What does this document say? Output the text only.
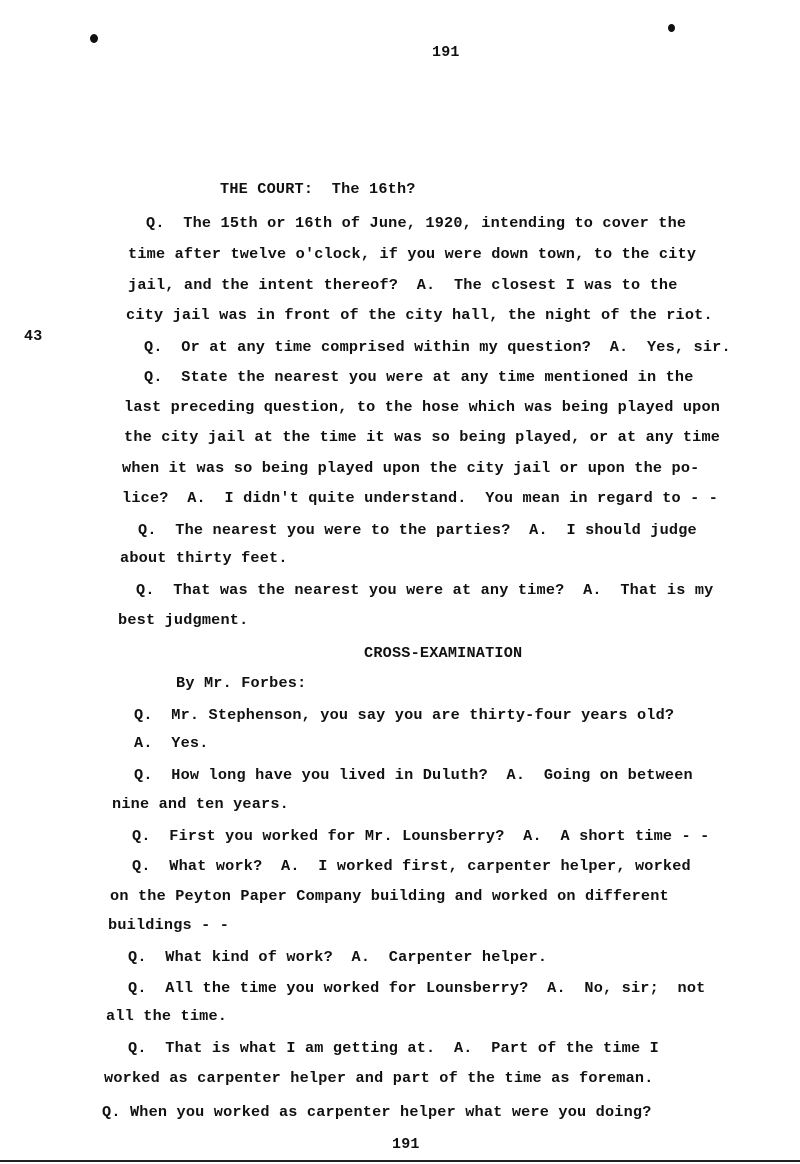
191
43
THE COURT:  The 16th?
Q.  The 15th or 16th of June, 1920, intending to cover the
time after twelve o'clock, if you were down town, to the city
jail, and the intent thereof?  A.  The closest I was to the
city jail was in front of the city hall, the night of the riot.
Q.  Or at any time comprised within my question?  A.  Yes, sir.
Q.  State the nearest you were at any time mentioned in the
last preceding question, to the hose which was being played upon
the city jail at the time it was so being played, or at any time
when it was so being played upon the city jail or upon the po-
lice?  A.  I didn't quite understand.  You mean in regard to - -
Q.  The nearest you were to the parties?  A.  I should judge
about thirty feet.
Q.  That was the nearest you were at any time?  A.  That is my
best judgment.
CROSS-EXAMINATION
By Mr. Forbes:
Q.  Mr. Stephenson, you say you are thirty-four years old?
A.  Yes.
Q.  How long have you lived in Duluth?  A.  Going on between
nine and ten years.
Q.  First you worked for Mr. Lounsberry?  A.  A short time - -
Q.  What work?  A.  I worked first, carpenter helper, worked
on the Peyton Paper Company building and worked on different
buildings - -
Q.  What kind of work?  A.  Carpenter helper.
Q.  All the time you worked for Lounsberry?  A.  No, sir;  not
all the time.
Q.  That is what I am getting at.  A.  Part of the time I
worked as carpenter helper and part of the time as foreman.
Q. When you worked as carpenter helper what were you doing?
191
